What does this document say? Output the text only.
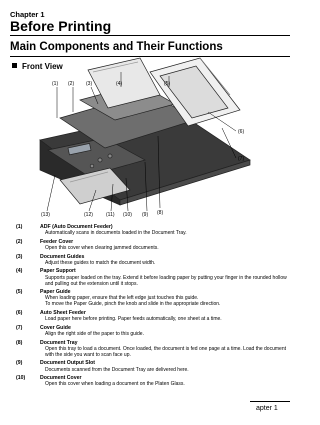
Chapter 1
Before Printing
Main Components and Their Functions
Front View
(1) (2) (3)	(4)	(5)
(6)
(7)
(13)	(12)	(11) (10) (9) (8)
(1)	ADF (Auto Document Feeder)
Automatically scans in documents loaded in the Document Tray.
(2)	Feeder Cover
Open this cover when clearing jammed documents.
(3)	Document Guides
Adjust these guides to match the document width.
(4)	Paper Support
Supports paper loaded on the tray. Extend it before loading paper by putting your finger in the rounded hollow and pulling out the extension until it stops.
(5)	Paper Guide
When loading paper, ensure that the left edge just touches this guide.
To move the Paper Guide, pinch the knob and slide in the appropriate direction.
(6)	Auto Sheet Feeder
Load paper here before printing. Paper feeds automatically, one sheet at a time.
(7)	Cover Guide
Align the right side of the paper to this guide.
(8)	Document Tray
Open this tray to load a document. Once loaded, the document is fed one page at a time. Load the document with the side you want to scan face up.
(9)	Document Output Slot
Documents scanned from the Document Tray are delivered here.
(10)	Document Cover
Open this cover when loading a document on the Platen Glass.
apter 1
